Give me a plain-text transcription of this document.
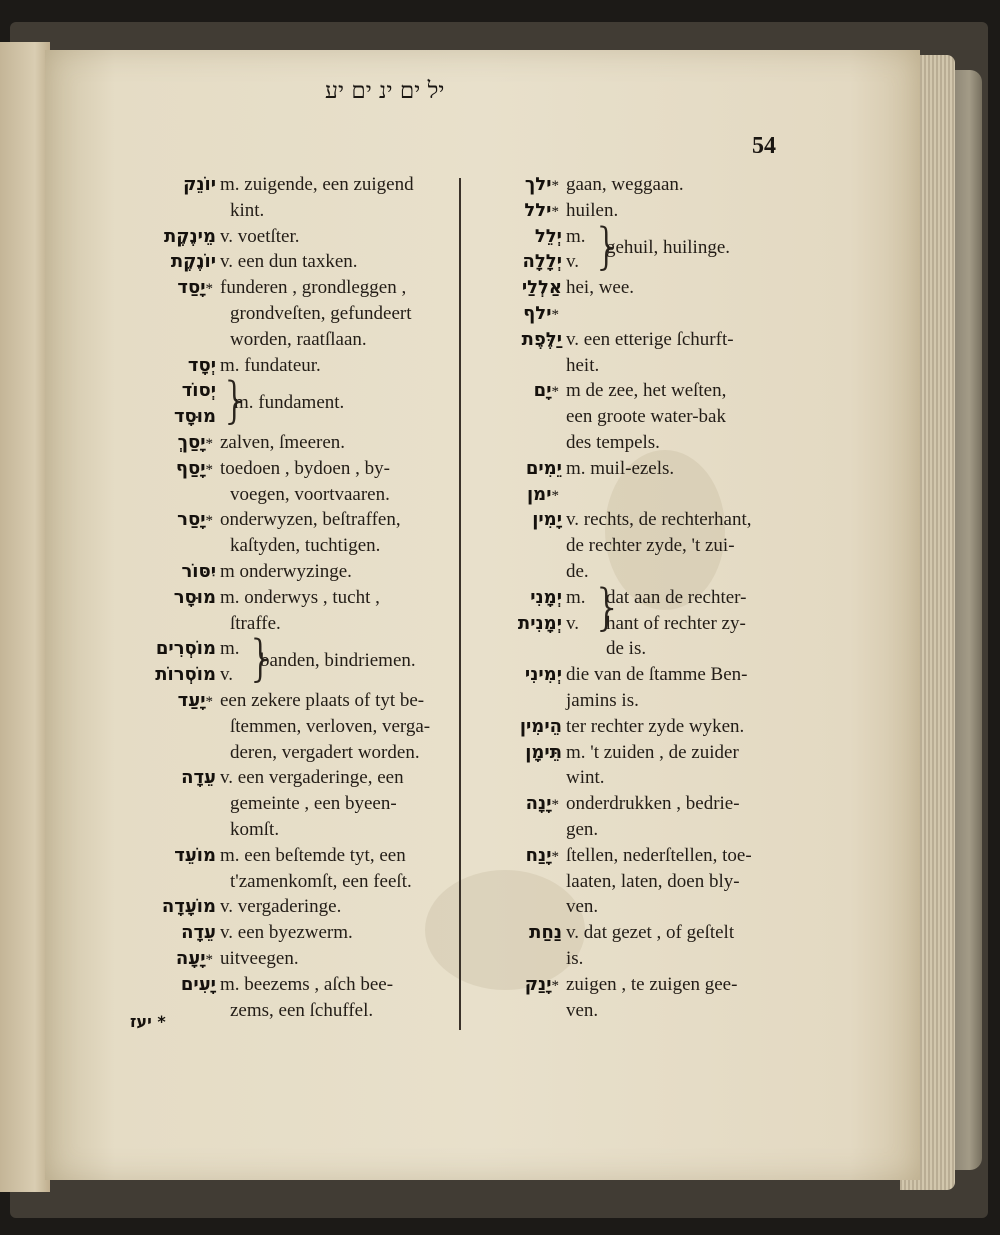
יל ים ינ ים יע
54
יוֹנֵק m. zuigende, een zuigend
kint.
מֵינֶקֶת v. voetſter.
יוֹנֶקֶת v. een dun taxken.
*יָסַד funderen , grondleggen ,
grondveſten, gefundeert
worden, raatſlaan.
יְסָד m. fundateur.
יְסוֹד
מוּסָד }
m. fundament.
*יָסַךְ zalven, ſmeeren.
*יָסַף toedoen , bydoen , by-
voegen, voortvaaren.
*יָסַר onderwyzen, beſtraffen,
kaſtyden, tuchtigen.
יִסּוֹר m onderwyzinge.
מוּסָר m. onderwys , tucht ,
ſtraffe.
מוֹסְרִים m.
מוֹסְרוֹת v. }
banden, bindriemen.
*יָעַד een zekere plaats of tyt be-
ſtemmen, verloven, verga-
deren, vergadert worden.
עֵדָה v. een vergaderinge, een
gemeinte , een byeen-
komſt.
מוֹעֵד m. een beſtemde tyt, een
t'zamenkomſt, een feeſt.
מוֹעָדָה v. vergaderinge.
עֵדָה v. een byezwerm.
*יָעָה uitveegen.
יָעִים m. beezems , aſch bee-
zems, een ſchuffel.
*ילך gaan, weggaan.
*ילל huilen.
יְלֵל m.
יְלָלָה v. }
gehuil, huilinge.
אַלְלַי hei, wee.
*ילף
יַלֶּפֶת v. een etterige ſchurft-
heit.
*יָם m de zee, het weſten,
een groote water-bak
des tempels.
יֵמִים m. muil-ezels.
*ימן
יָמִין v. rechts, de rechterhant,
de rechter zyde, 't zui-
de.
יְמָנִי m.
יְמָנִית v. }
dat aan de rechter-
hant of rechter zy-
de is.
יְמִינִי die van de ſtamme Ben-
jamins is.
הֵימִין ter rechter zyde wyken.
תֵּימָן m. 't zuiden , de zuider
wint.
*יָנָה onderdrukken , bedrie-
gen.
*יָנַח ſtellen, nederſtellen, toe-
laaten, laten, doen bly-
ven.
נַחַת v. dat gezet , of geſtelt
is.
*יָנַק zuigen , te zuigen gee-
ven.
* יעז
